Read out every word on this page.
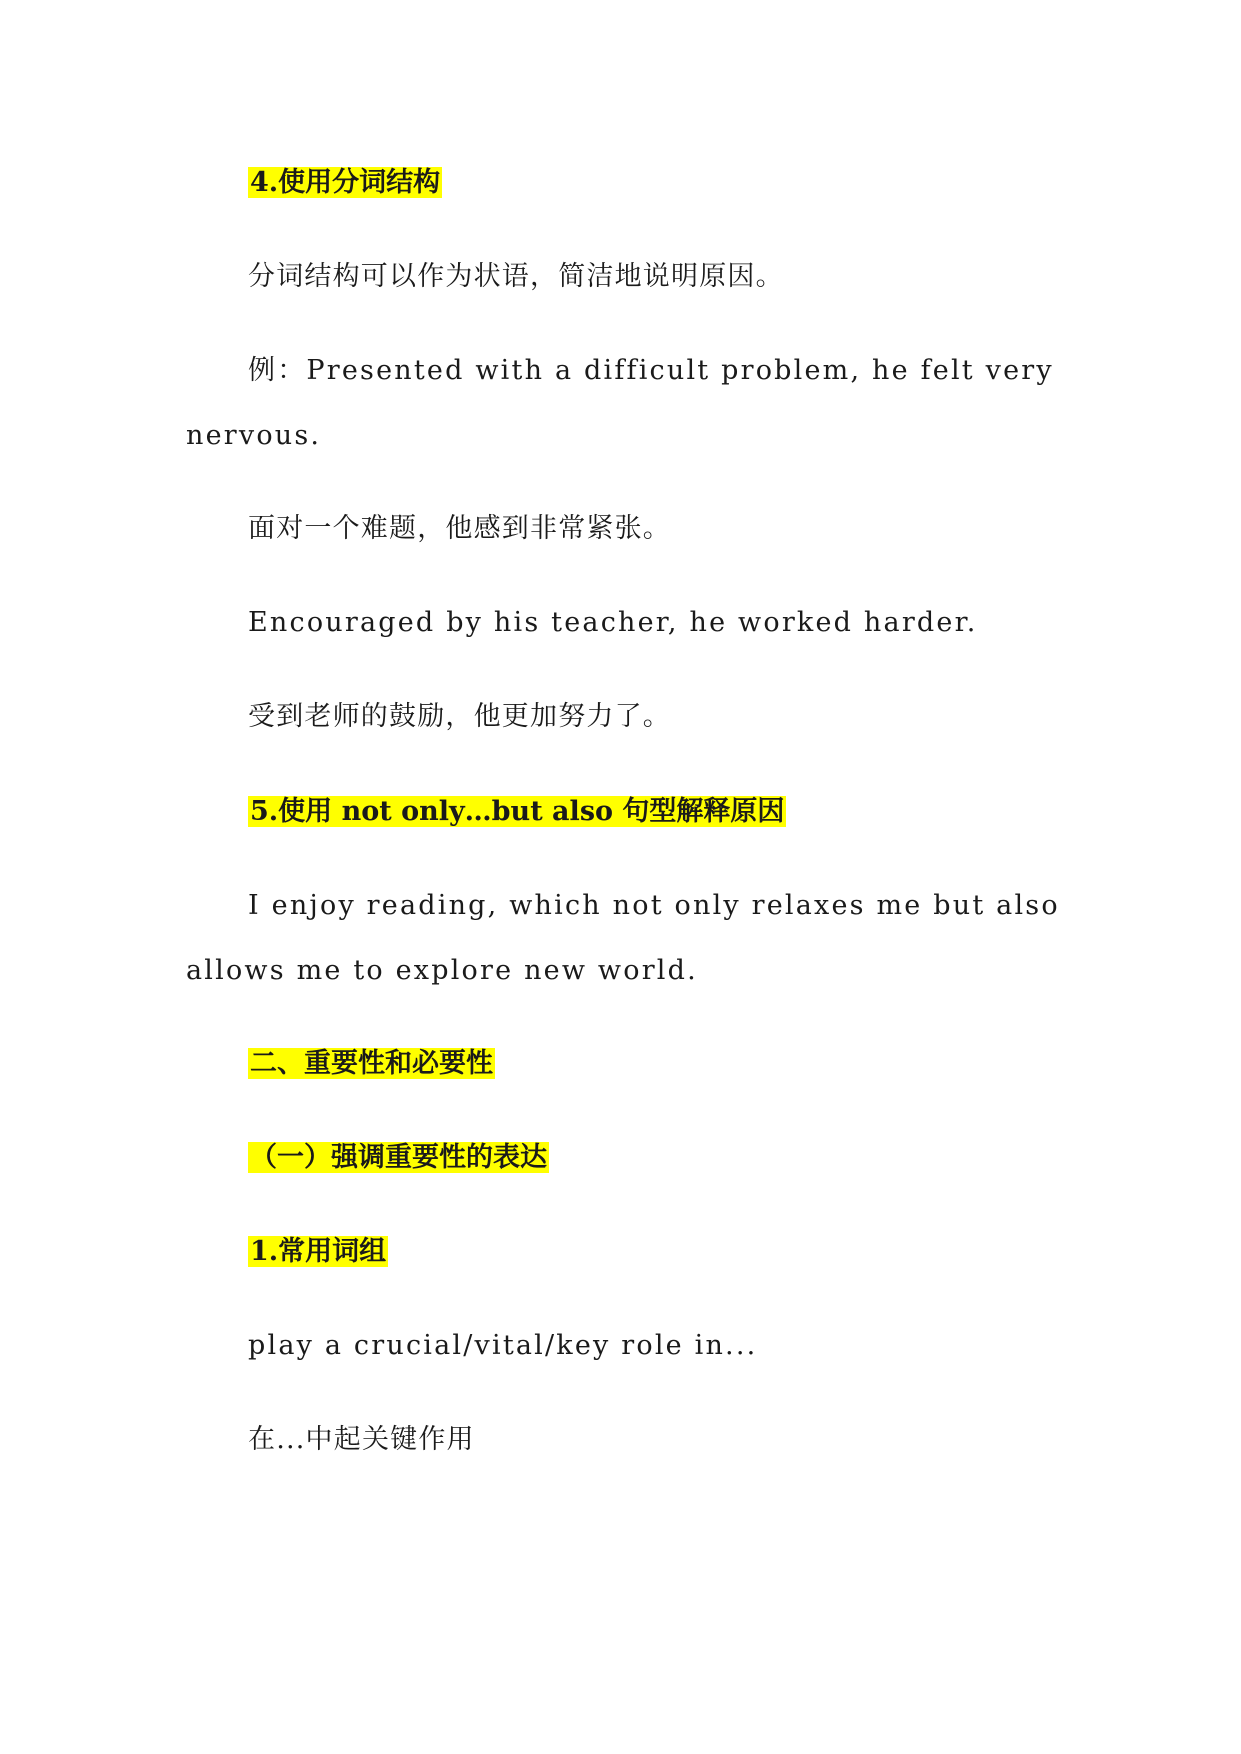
4.使用分词结构
分词结构可以作为状语，简洁地说明原因。
例：Presented with a difficult problem, he felt very
nervous.
面对一个难题，他感到非常紧张。
Encouraged by his teacher, he worked harder.
受到老师的鼓励，他更加努力了。
5.使用 not only…but also 句型解释原因
I enjoy reading, which not only relaxes me but also
allows me to explore new world.
二、重要性和必要性
（一）强调重要性的表达
1.常用词组
play a crucial/vital/key role in...
在...中起关键作用
